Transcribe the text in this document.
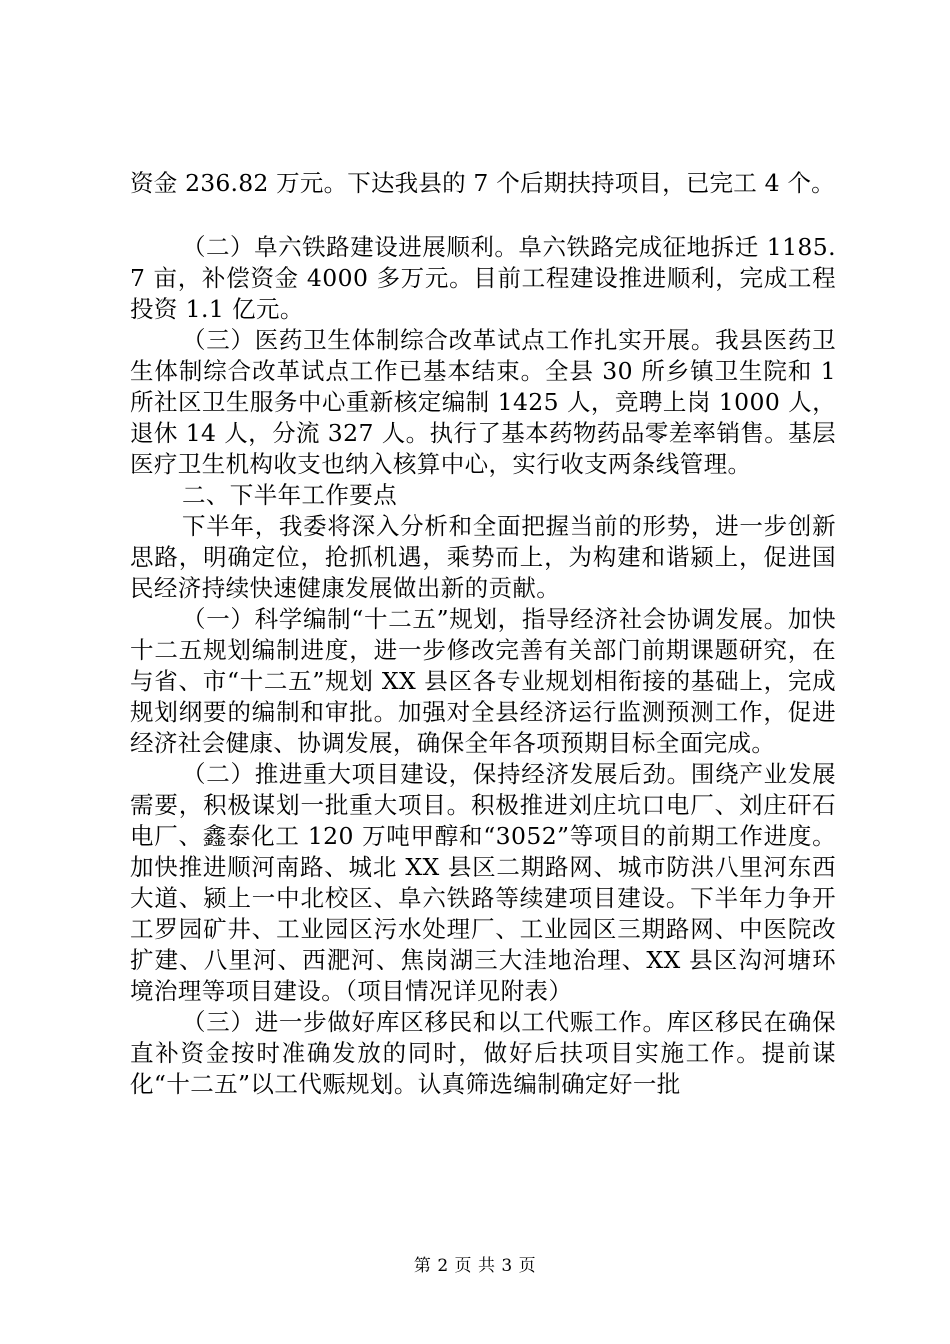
资金 236.82 万元。下达我县的 7 个后期扶持项目，已完工 4 个。

（二）阜六铁路建设进展顺利。阜六铁路完成征地拆迁 1185.7 亩，补偿资金 4000 多万元。目前工程建设推进顺利，完成工程投资 1.1 亿元。

（三）医药卫生体制综合改革试点工作扎实开展。我县医药卫生体制综合改革试点工作已基本结束。全县 30 所乡镇卫生院和 1 所社区卫生服务中心重新核定编制 1425 人，竞聘上岗 1000 人，退休 14 人，分流 327 人。执行了基本药物药品零差率销售。基层医疗卫生机构收支也纳入核算中心，实行收支两条线管理。

二、下半年工作要点

下半年，我委将深入分析和全面把握当前的形势，进一步创新思路，明确定位，抢抓机遇，乘势而上，为构建和谐颍上，促进国民经济持续快速健康发展做出新的贡献。

（一）科学编制“十二五”规划，指导经济社会协调发展。加快十二五规划编制进度，进一步修改完善有关部门前期课题研究，在与省、市“十二五”规划 XX 县区各专业规划相衔接的基础上，完成规划纲要的编制和审批。加强对全县经济运行监测预测工作，促进经济社会健康、协调发展，确保全年各项预期目标全面完成。

（二）推进重大项目建设，保持经济发展后劲。围绕产业发展需要，积极谋划一批重大项目。积极推进刘庄坑口电厂、刘庄矸石电厂、鑫泰化工 120 万吨甲醇和“3052”等项目的前期工作进度。加快推进顺河南路、城北 XX 县区二期路网、城市防洪八里河东西大道、颍上一中北校区、阜六铁路等续建项目建设。下半年力争开工罗园矿井、工业园区污水处理厂、工业园区三期路网、中医院改扩建、八里河、西淝河、焦岗湖三大洼地治理、XX 县区沟河塘环境治理等项目建设。（项目情况详见附表）

（三）进一步做好库区移民和以工代赈工作。库区移民在确保直补资金按时准确发放的同时，做好后扶项目实施工作。提前谋化“十二五”以工代赈规划。认真筛选编制确定好一批

第 2 页 共 3 页
